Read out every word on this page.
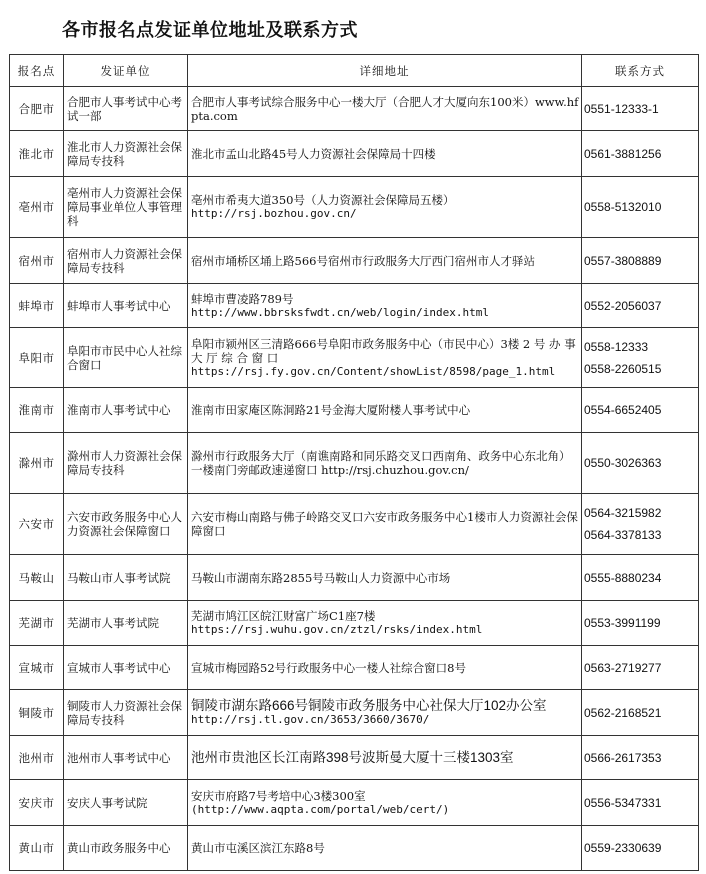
各市报名点发证单位地址及联系方式
报名点	发证单位	详细地址	联系方式
合肥市	合肥市人事考试中心考试一部	合肥市人事考试综合服务中心一楼大厅（合肥人才大厦向东100米）www.hfpta.com	0551-12333-1

淮北市	淮北市人力资源社会保障局专技科	淮北市孟山北路45号人力资源社会保障局十四楼	0561-3881256

亳州市	亳州市人力资源社会保障局事业单位人事管理科	亳州市希夷大道350号（人力资源社会保障局五楼）
http://rsj.bozhou.gov.cn/	0558-5132010

宿州市	宿州市人力资源社会保障局专技科	宿州市埇桥区埇上路566号宿州市行政服务大厅西门宿州市人才驿站	0557-3808889

蚌埠市	蚌埠市人事考试中心	蚌埠市曹凌路789号
http://www.bbrsksfwdt.cn/web/login/index.html	0552-2056037

阜阳市	阜阳市市民中心人社综合窗口	阜阳市颍州区三清路666号阜阳市政务服务中心（市民中心）3楼 2 号 办 事 大 厅 综 合 窗 口
https://rsj.fy.gov.cn/Content/showList/8598/page_1.html	0558-12333
0558-2260515

淮南市	淮南市人事考试中心	淮南市田家庵区陈洞路21号金海大厦附楼人事考试中心	0554-6652405

滁州市	滁州市人力资源社会保障局专技科	滁州市行政服务大厅（南谯南路和同乐路交叉口西南角、政务中心东北角）一楼南门旁邮政速递窗口 http://rsj.chuzhou.gov.cn/	0550-3026363

六安市	六安市政务服务中心人力资源社会保障窗口	六安市梅山南路与佛子岭路交叉口六安市政务服务中心1楼市人力资源社会保障窗口	0564-3215982
0564-3378133

马鞍山	马鞍山市人事考试院	马鞍山市湖南东路2855号马鞍山人力资源中心市场	0555-8880234

芜湖市	芜湖市人事考试院	芜湖市鸠江区皖江财富广场C1座7楼
https://rsj.wuhu.gov.cn/ztzl/rsks/index.html	0553-3991199

宣城市	宣城市人事考试中心	宣城市梅园路52号行政服务中心一楼人社综合窗口8号	0563-2719277

铜陵市	铜陵市人力资源社会保障局专技科	铜陵市湖东路666号铜陵市政务服务中心社保大厅102办公室
http://rsj.tl.gov.cn/3653/3660/3670/	0562-2168521

池州市	池州市人事考试中心	池州市贵池区长江南路398号波斯曼大厦十三楼1303室	0566-2617353

安庆市	安庆人事考试院	安庆市府路7号考培中心3楼300室
(http://www.aqpta.com/portal/web/cert/)	0556-5347331

黄山市	黄山市政务服务中心	黄山市屯溪区滨江东路8号	0559-2330639
